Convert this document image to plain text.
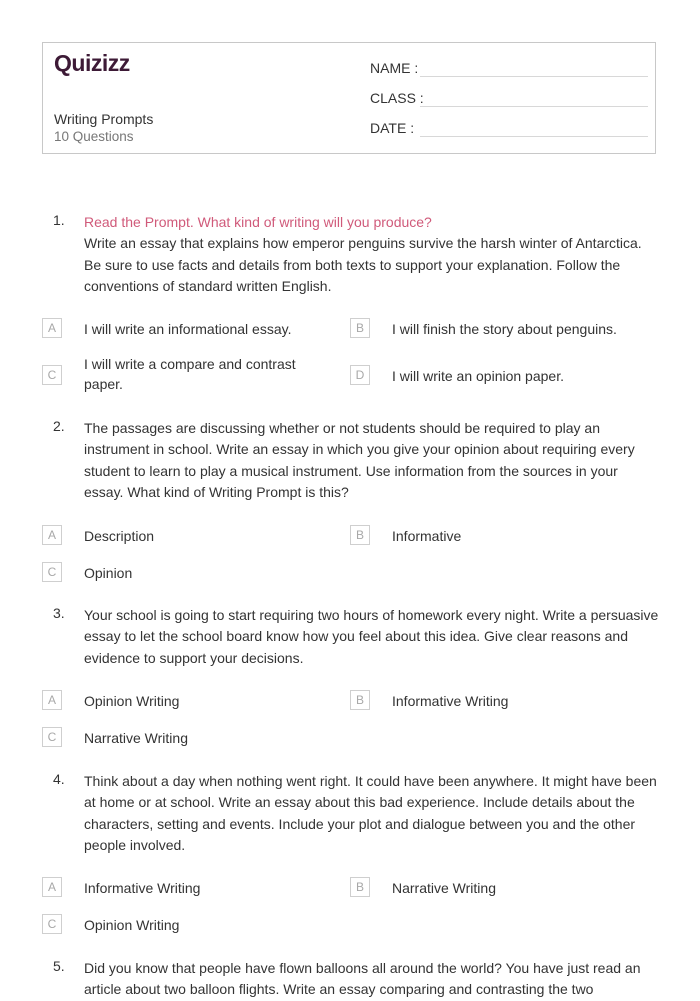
Quizizz
Writing Prompts
10 Questions
NAME :
CLASS :
DATE :
1. Read the Prompt. What kind of writing will you produce?
Write an essay that explains how emperor penguins survive the harsh winter of Antarctica. Be sure to use facts and details from both texts to support your explanation. Follow the conventions of standard written English.
A	I will write an informational essay.	B	I will finish the story about penguins.
C
I will write a compare and contrast paper.
D	I will write an opinion paper.
2. The passages are discussing whether or not students should be required to play an instrument in school. Write an essay in which you give your opinion about requiring every student to learn to play a musical instrument. Use information from the sources in your essay. What kind of Writing Prompt is this?
A	Description	B	Informative
C	Opinion
3. Your school is going to start requiring two hours of homework every night. Write a persuasive essay to let the school board know how you feel about this idea. Give clear reasons and evidence to support your decisions.
A	Opinion Writing	B	Informative Writing
C	Narrative Writing
4. Think about a day when nothing went right. It could have been anywhere. It might have been at home or at school. Write an essay about this bad experience. Include details about the characters, setting and events. Include your plot and dialogue between you and the other people involved.
A	Informative Writing	B	Narrative Writing
C	Opinion Writing
5. Did you know that people have flown balloons all around the world? You have just read an article about two balloon flights. Write an essay comparing and contrasting the two
